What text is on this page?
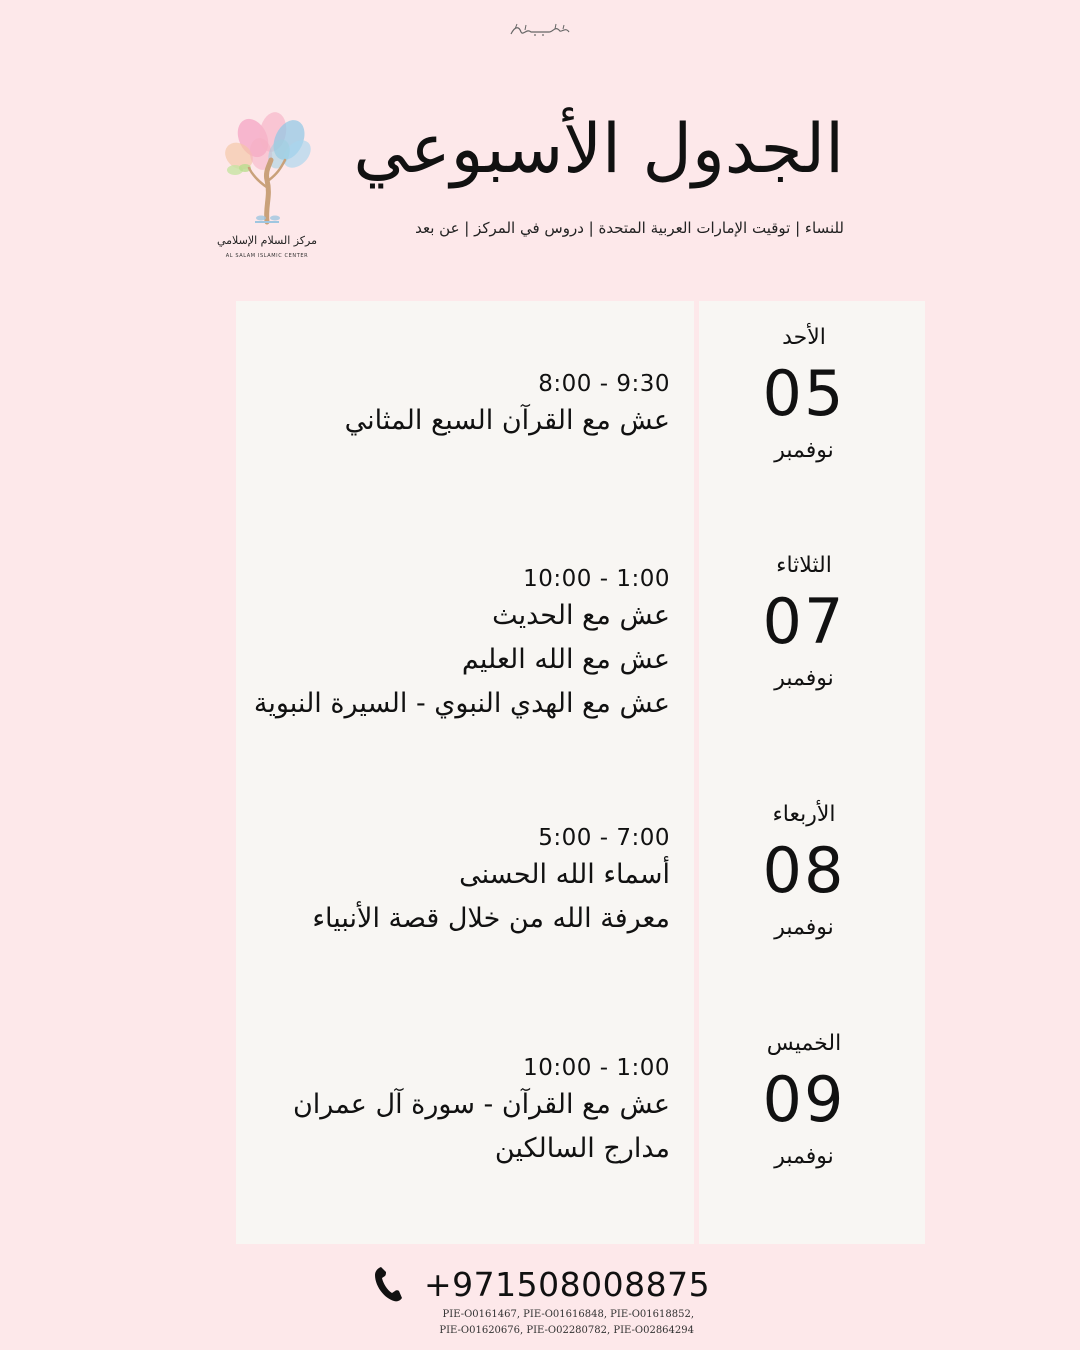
مركز السلام الإسلامي
AL SALAM ISLAMIC CENTER
الجدول الأسبوعي
للنساء | توقيت الإمارات العربية المتحدة | دروس في المركز | عن بعد
8:00 - 9:30
عش مع القرآن السبع المثاني
10:00 - 1:00
عش مع الحديث
عش مع الله العليم
عش مع الهدي النبوي - السيرة النبوية
5:00 - 7:00
أسماء الله الحسنى
معرفة الله من خلال قصة الأنبياء
10:00 - 1:00
عش مع القرآن - سورة آل عمران
مدارج السالكين
الأحد
05
نوفمبر
الثلاثاء
07
نوفمبر
الأربعاء
08
نوفمبر
الخميس
09
نوفمبر
+971508008875
PIE-O0161467, PIE-O01616848, PIE-O01618852,
PIE-O01620676, PIE-O02280782, PIE-O02864294
